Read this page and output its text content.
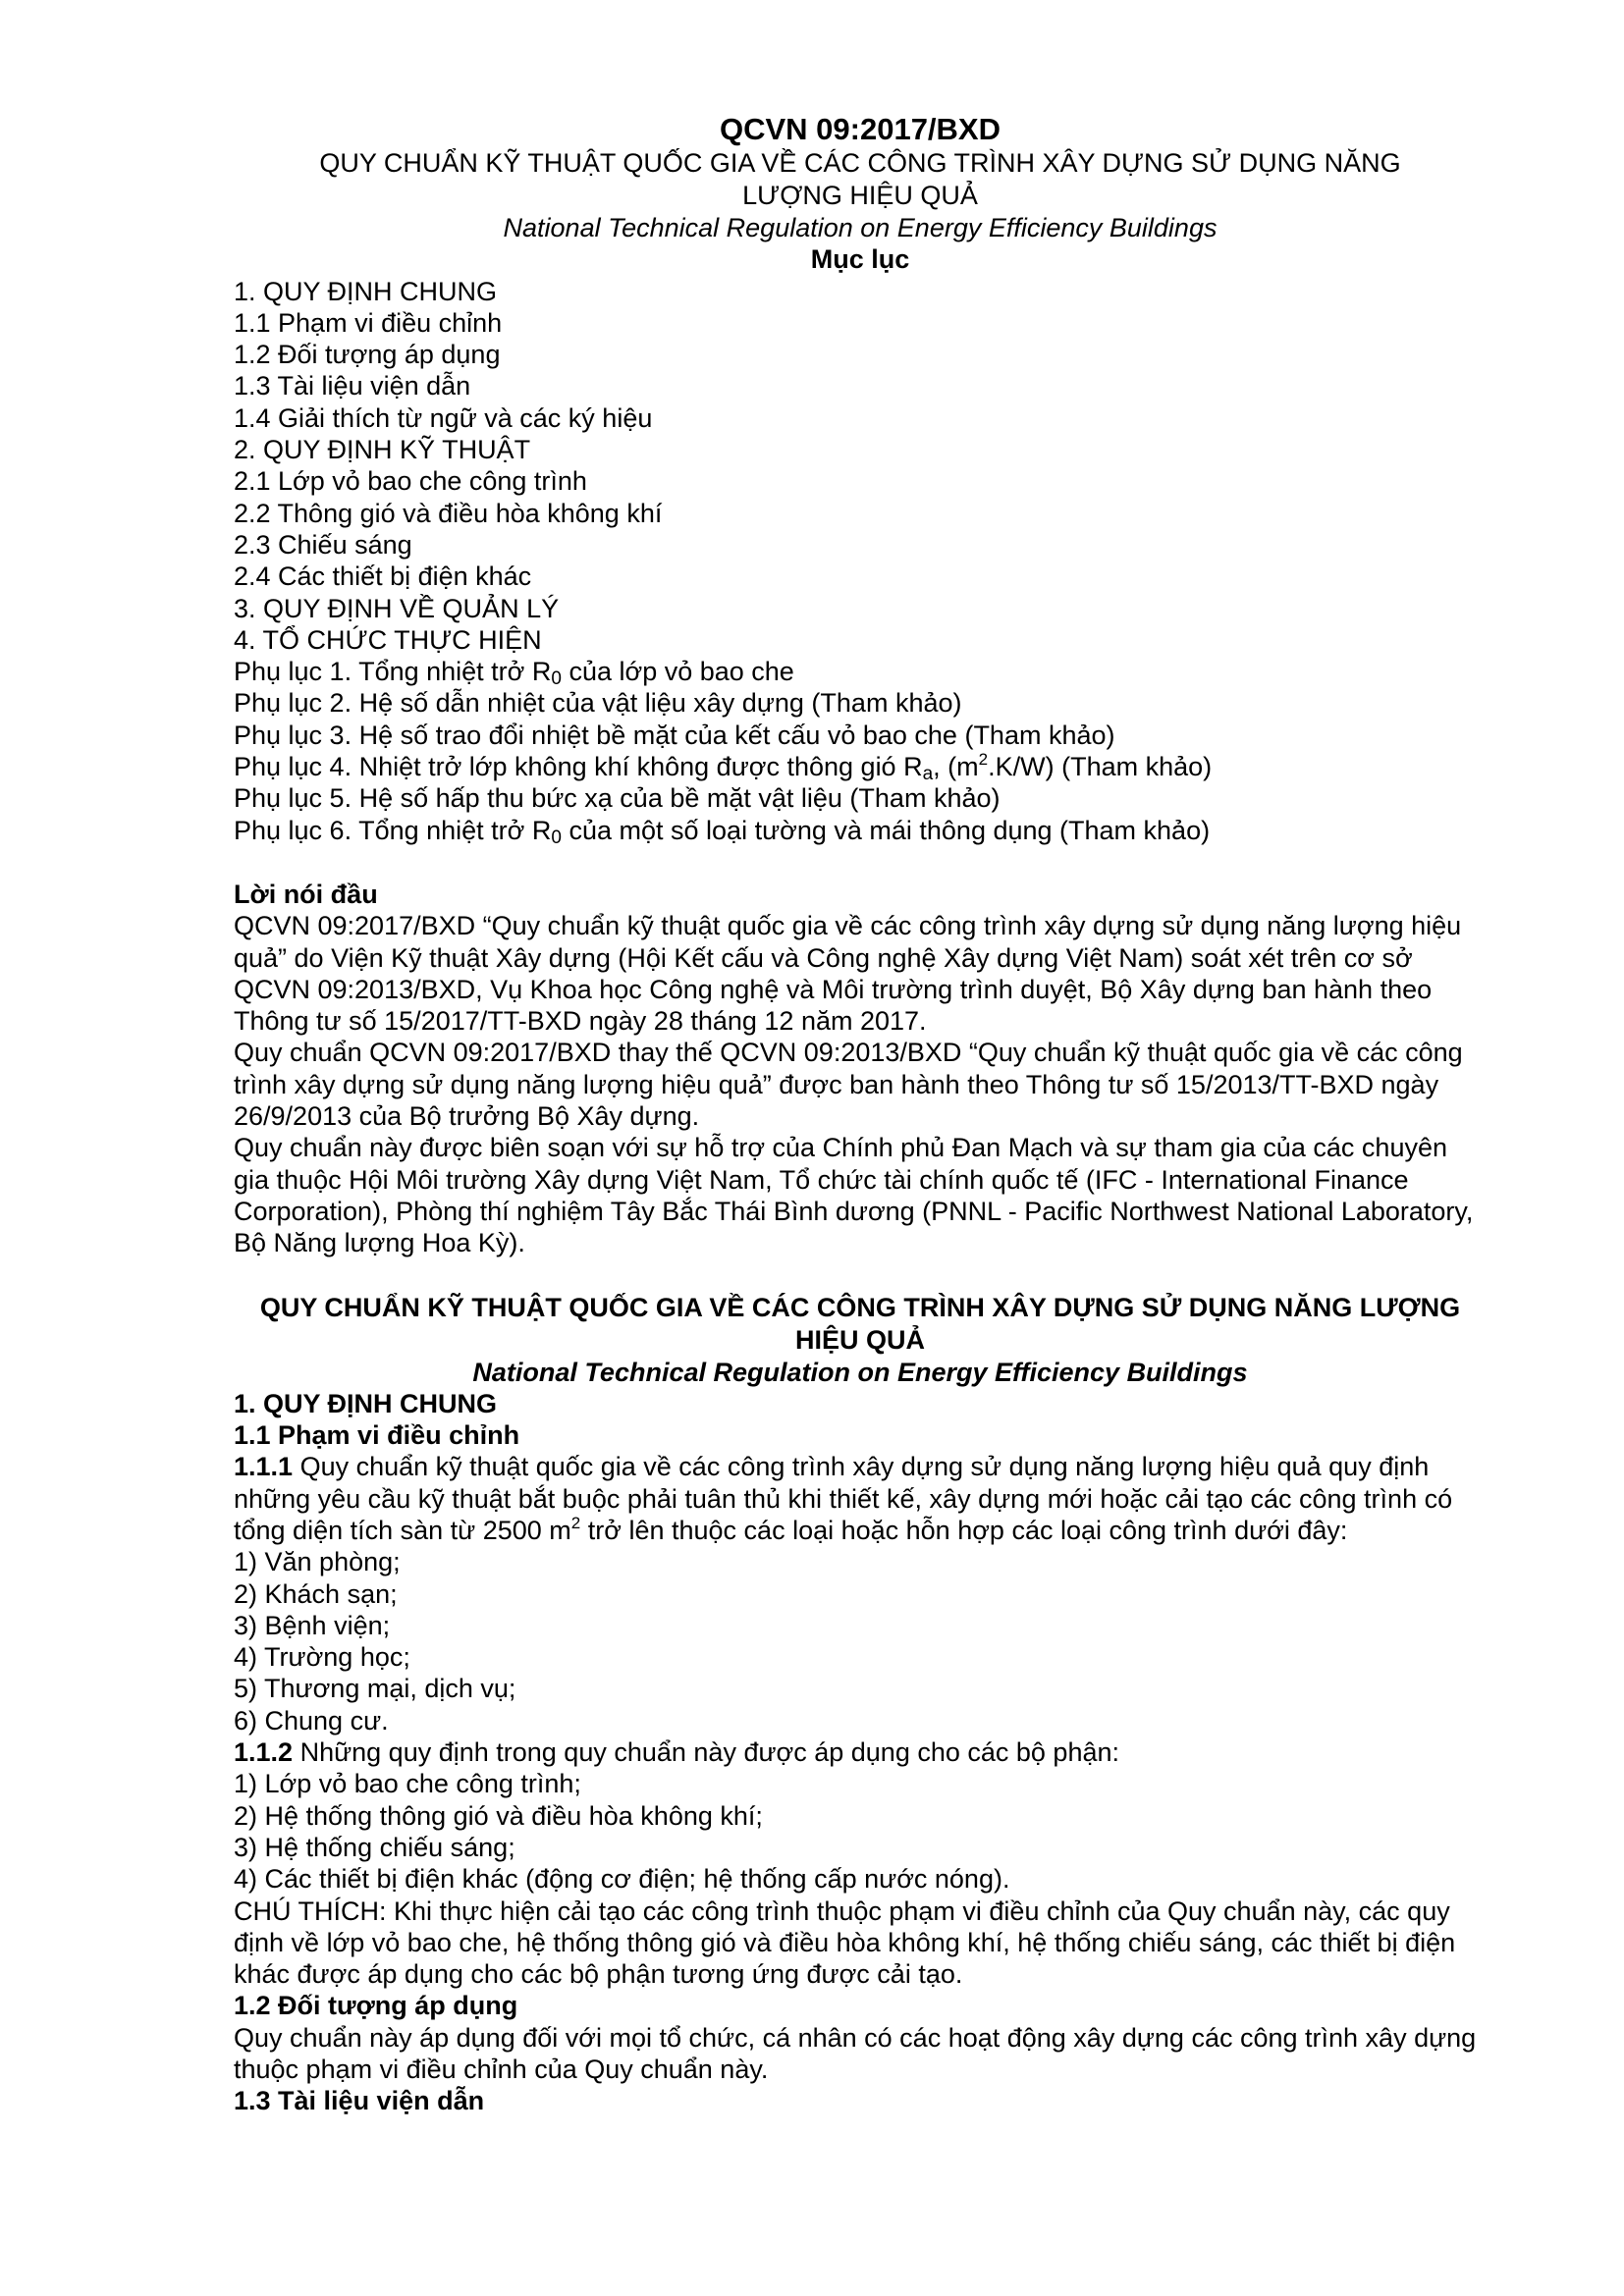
QCVN 09:2017/BXD
QUY CHUẨN KỸ THUẬT QUỐC GIA VỀ CÁC CÔNG TRÌNH XÂY DỰNG SỬ DỤNG NĂNG LƯỢNG HIỆU QUẢ
National Technical Regulation on Energy Efficiency Buildings
Mục lục
1. QUY ĐỊNH CHUNG
1.1 Phạm vi điều chỉnh
1.2 Đối tượng áp dụng
1.3 Tài liệu viện dẫn
1.4 Giải thích từ ngữ và các ký hiệu
2. QUY ĐỊNH KỸ THUẬT
2.1 Lớp vỏ bao che công trình
2.2 Thông gió và điều hòa không khí
2.3 Chiếu sáng
2.4 Các thiết bị điện khác
3. QUY ĐỊNH VỀ QUẢN LÝ
4. TỔ CHỨC THỰC HIỆN
Phụ lục 1. Tổng nhiệt trở $R_0$ của lớp vỏ bao che
Phụ lục 2. Hệ số dẫn nhiệt của vật liệu xây dựng (Tham khảo)
Phụ lục 3. Hệ số trao đổi nhiệt bề mặt của kết cấu vỏ bao che (Tham khảo)
Phụ lục 4. Nhiệt trở lớp không khí không được thông gió $R_a$, $(m^2.K/W)$ (Tham khảo)
Phụ lục 5. Hệ số hấp thu bức xạ của bề mặt vật liệu (Tham khảo)
Phụ lục 6. Tổng nhiệt trở $R_0$ của một số loại tường và mái thông dụng (Tham khảo)
Lời nói đầu
QCVN 09:2017/BXD “Quy chuẩn kỹ thuật quốc gia về các công trình xây dựng sử dụng năng lượng hiệu quả” do Viện Kỹ thuật Xây dựng (Hội Kết cấu và Công nghệ Xây dựng Việt Nam) soát xét trên cơ sở QCVN 09:2013/BXD, Vụ Khoa học Công nghệ và Môi trường trình duyệt, Bộ Xây dựng ban hành theo Thông tư số 15/2017/TT-BXD ngày 28 tháng 12 năm 2017.
Quy chuẩn QCVN 09:2017/BXD thay thế QCVN 09:2013/BXD “Quy chuẩn kỹ thuật quốc gia về các công trình xây dựng sử dụng năng lượng hiệu quả” được ban hành theo Thông tư số 15/2013/TT-BXD ngày 26/9/2013 của Bộ trưởng Bộ Xây dựng.
Quy chuẩn này được biên soạn với sự hỗ trợ của Chính phủ Đan Mạch và sự tham gia của các chuyên gia thuộc Hội Môi trường Xây dựng Việt Nam, Tổ chức tài chính quốc tế (IFC - International Finance Corporation), Phòng thí nghiệm Tây Bắc Thái Bình dương (PNNL - Pacific Northwest National Laboratory, Bộ Năng lượng Hoa Kỳ).
QUY CHUẨN KỸ THUẬT QUỐC GIA VỀ CÁC CÔNG TRÌNH XÂY DỰNG SỬ DỤNG NĂNG LƯỢNG HIỆU QUẢ
National Technical Regulation on Energy Efficiency Buildings
1. QUY ĐỊNH CHUNG
1.1 Phạm vi điều chỉnh
1.1.1 Quy chuẩn kỹ thuật quốc gia về các công trình xây dựng sử dụng năng lượng hiệu quả quy định những yêu cầu kỹ thuật bắt buộc phải tuân thủ khi thiết kế, xây dựng mới hoặc cải tạo các công trình có tổng diện tích sàn từ 2500 $m^2$ trở lên thuộc các loại hoặc hỗn hợp các loại công trình dưới đây:
1) Văn phòng;
2) Khách sạn;
3) Bệnh viện;
4) Trường học;
5) Thương mại, dịch vụ;
6) Chung cư.
1.1.2 Những quy định trong quy chuẩn này được áp dụng cho các bộ phận:
1) Lớp vỏ bao che công trình;
2) Hệ thống thông gió và điều hòa không khí;
3) Hệ thống chiếu sáng;
4) Các thiết bị điện khác (động cơ điện; hệ thống cấp nước nóng).
CHÚ THÍCH: Khi thực hiện cải tạo các công trình thuộc phạm vi điều chỉnh của Quy chuẩn này, các quy định về lớp vỏ bao che, hệ thống thông gió và điều hòa không khí, hệ thống chiếu sáng, các thiết bị điện khác được áp dụng cho các bộ phận tương ứng được cải tạo.
1.2 Đối tượng áp dụng
Quy chuẩn này áp dụng đối với mọi tổ chức, cá nhân có các hoạt động xây dựng các công trình xây dựng thuộc phạm vi điều chỉnh của Quy chuẩn này.
1.3 Tài liệu viện dẫn
